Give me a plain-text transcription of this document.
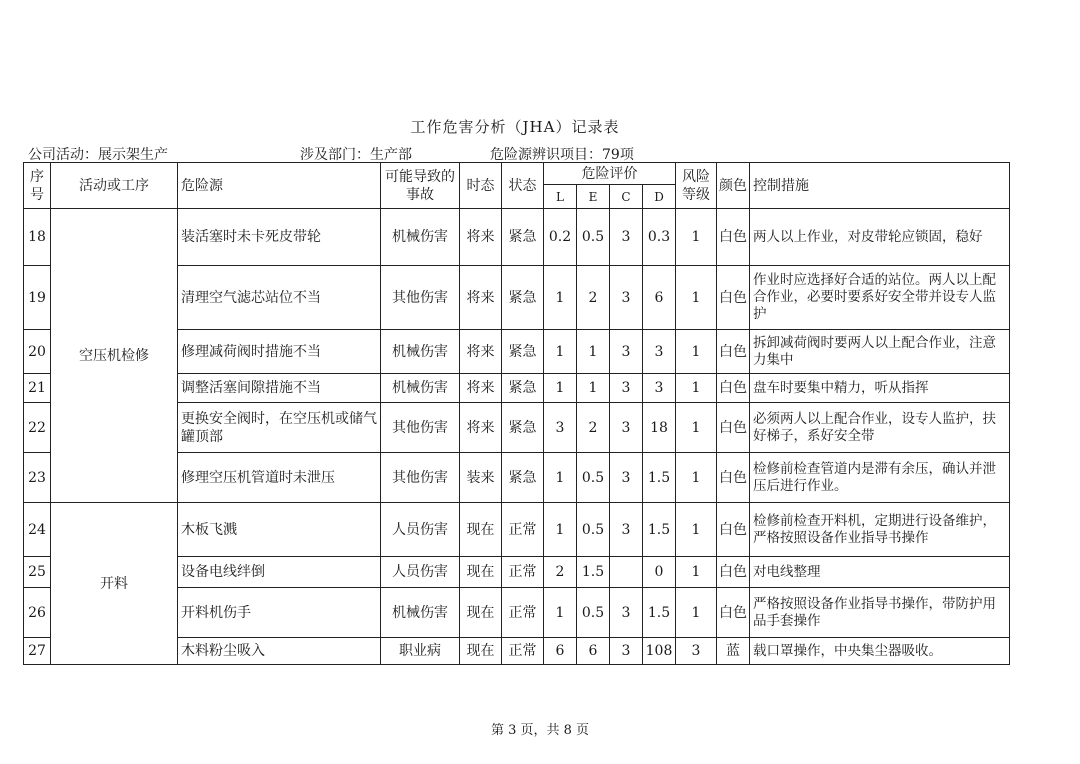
工作危害分析（JHA）记录表
公司活动：展示架生产	涉及部门：生产部	危险源辨识项目：79项
序号	活动或工序	危险源	可能导致的事故	时态	状态	危险评价				风险等级	颜色	控制措施
						L	E	C	D			
18	空压机检修	装活塞时未卡死皮带轮	机械伤害	将来	紧急	0.2	0.5	3	0.3	1	白色	两人以上作业，对皮带轮应锁固，稳好
19		清理空气滤芯站位不当	其他伤害	将来	紧急	1	2	3	6	1	白色	作业时应选择好合适的站位。两人以上配合作业，必要时要系好安全带并设专人监护
20		修理减荷阀时措施不当	机械伤害	将来	紧急	1	1	3	3	1	白色	拆卸减荷阀时要两人以上配合作业，注意力集中
21		调整活塞间隙措施不当	机械伤害	将来	紧急	1	1	3	3	1	白色	盘车时要集中精力，听从指挥
22		更换安全阀时，在空压机或储气罐顶部	其他伤害	将来	紧急	3	2	3	18	1	白色	必须两人以上配合作业，设专人监护，扶好梯子，系好安全带
23		修理空压机管道时未泄压	其他伤害	装来	紧急	1	0.5	3	1.5	1	白色	检修前检查管道内是滞有余压，确认并泄压后进行作业。
24	开料	木板飞溅	人员伤害	现在	正常	1	0.5	3	1.5	1	白色	检修前检查开料机，定期进行设备维护，严格按照设备作业指导书操作
25		设备电线绊倒	人员伤害	现在	正常	2	1.5		0	1	白色	对电线整理
26		开料机伤手	机械伤害	现在	正常	1	0.5	3	1.5	1	白色	严格按照设备作业指导书操作，带防护用品手套操作
27		木料粉尘吸入	职业病	现在	正常	6	6	3	108	3	蓝	载口罩操作，中央集尘器吸收。
第 3 页，共 8 页
